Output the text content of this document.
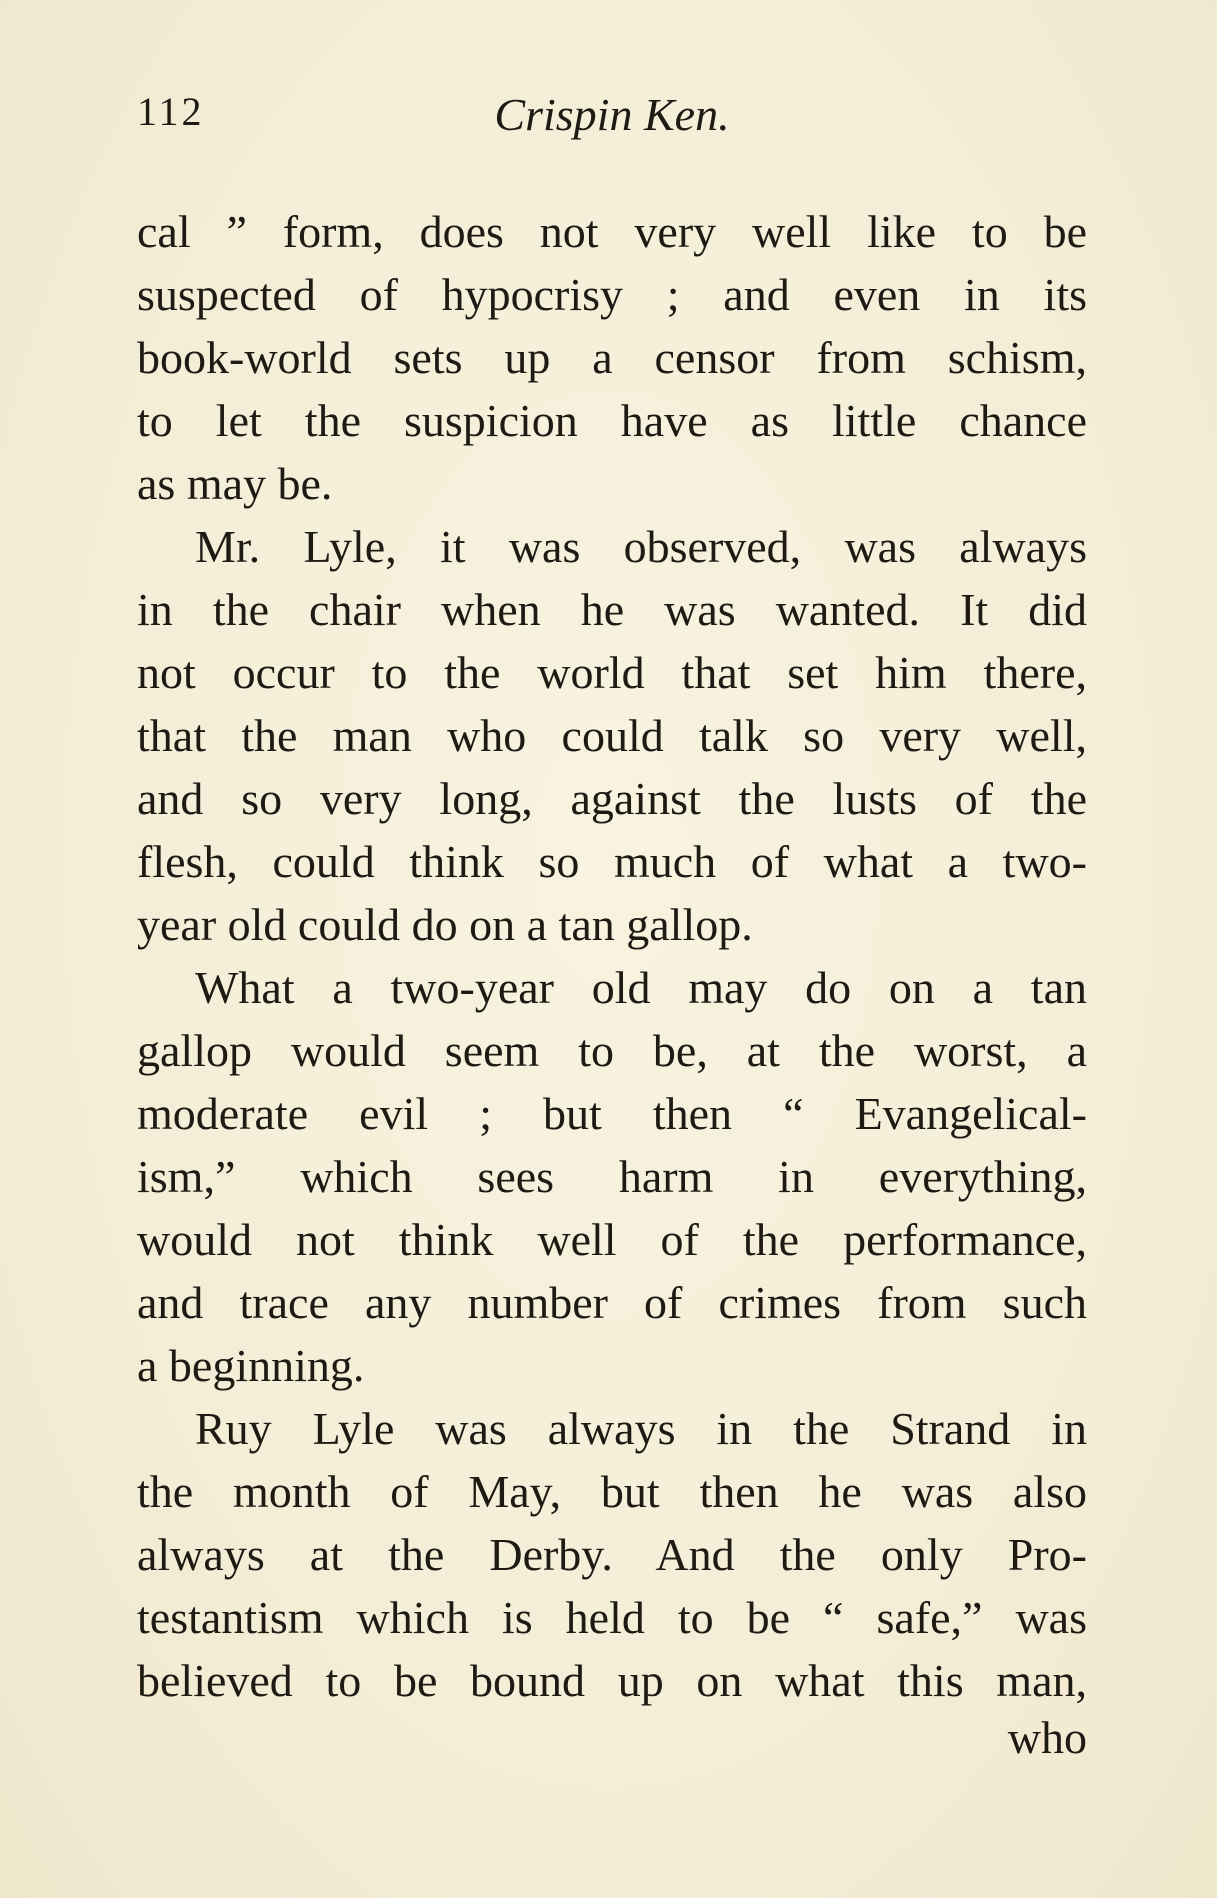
112	Crispin Ken.
cal ” form, does not very well like to be
suspected of hypocrisy ; and even in its
book-world sets up a censor from schism,
to let the suspicion have as little chance
as may be.
Mr. Lyle, it was observed, was always
in the chair when he was wanted. It did
not occur to the world that set him there,
that the man who could talk so very well,
and so very long, against the lusts of the
flesh, could think so much of what a two-
year old could do on a tan gallop.
What a two-year old may do on a tan
gallop would seem to be, at the worst, a
moderate evil ; but then “ Evangelical-
ism,” which sees harm in everything,
would not think well of the performance,
and trace any number of crimes from such
a beginning.
Ruy Lyle was always in the Strand in
the month of May, but then he was also
always at the Derby. And the only Pro-
testantism which is held to be “ safe,” was
believed to be bound up on what this man,
who
